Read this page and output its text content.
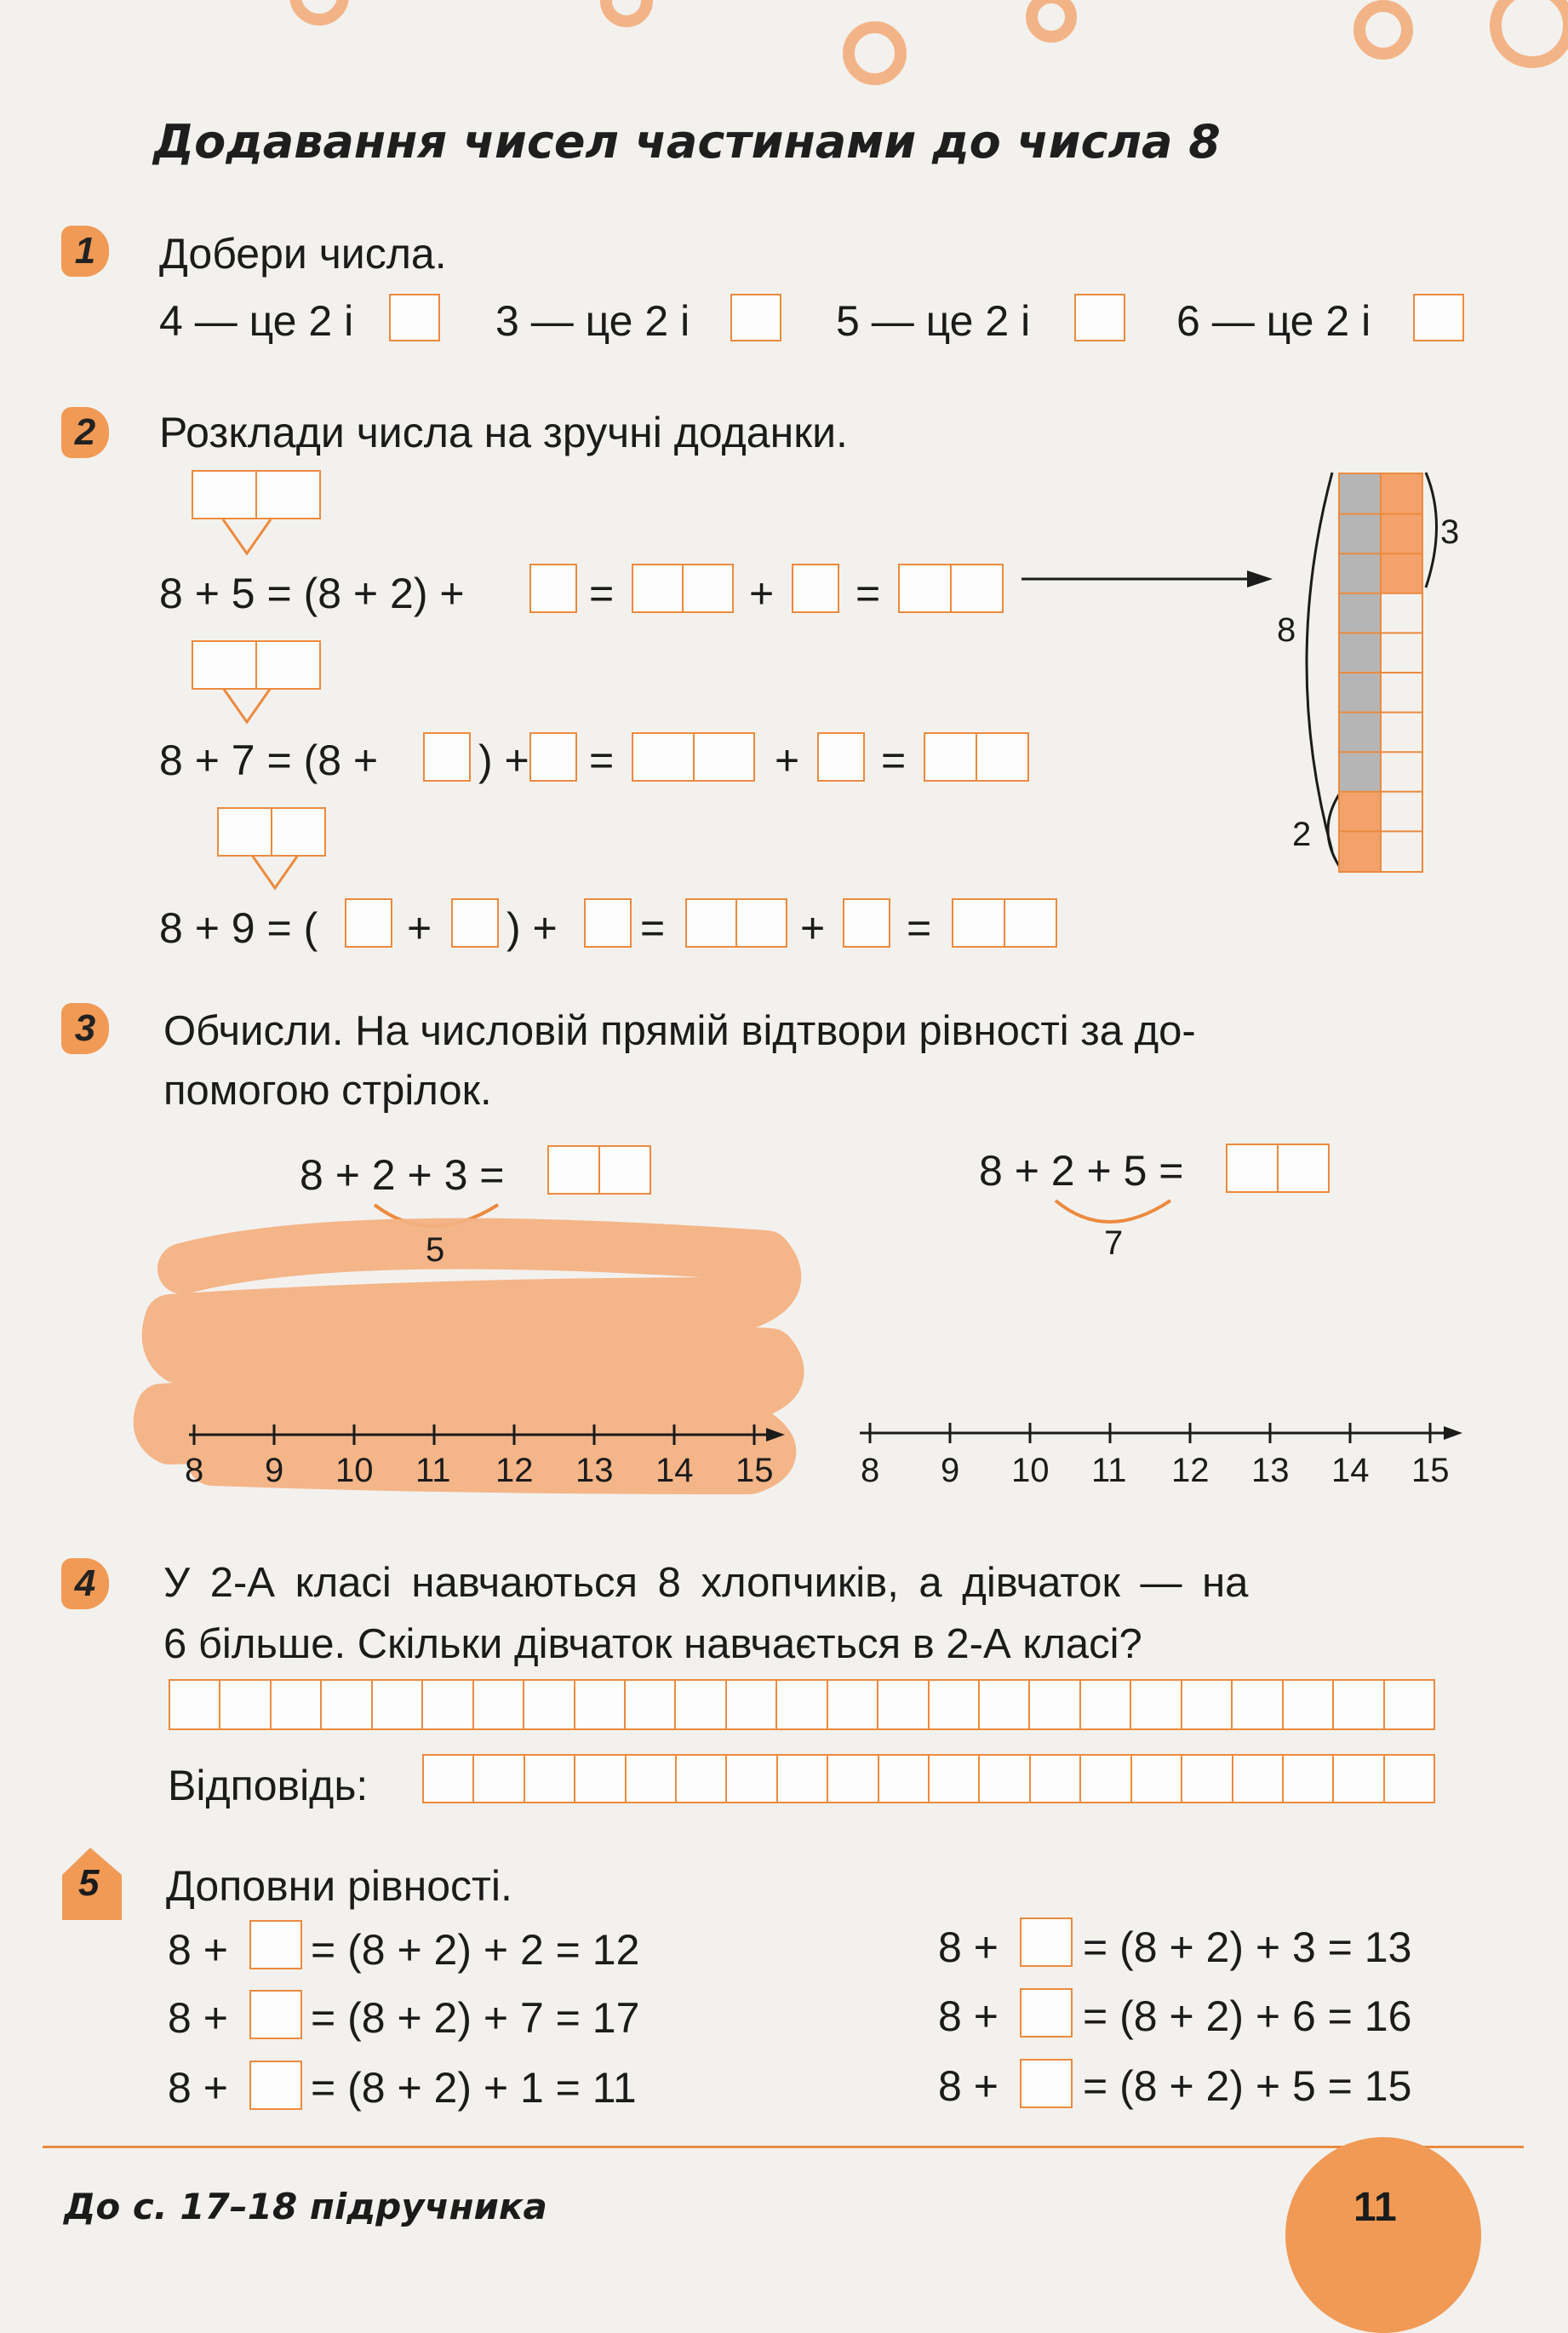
Додавання чисел частинами до числа 8
1	Добери числа.
4 — це 2 і	3 — це 2 і	5 — це 2 і	6 — це 2 і
2	Розклади числа на зручні доданки.
8 + 5 = (8 + 2) +	=	+ =
8 + 7 = (8 + ) + =	+ =
8 + 9 = ( + ) + =	+ =
3
8
2
3	Обчисли. На числовій прямій відтвори рівності за до-
помогою стрілок.
8 + 2 + 3 =	8 + 2 + 5 =
5	7
8 9 10 11 12 13 14 15	8 9 10 11 12 13 14 15
4	У 2-А класі навчаються 8 хлопчиків, а дівчаток — на
6 більше. Скільки дівчаток навчається в 2-А класі?
Відповідь:
5 Доповни рівності.
8 + = (8 + 2) + 2 = 12
8 + = (8 + 2) + 7 = 17
8 + = (8 + 2) + 1 = 11
8 + = (8 + 2) + 3 = 13
8 + = (8 + 2) + 6 = 16
8 + = (8 + 2) + 5 = 15
До с. 17–18 підручника	11
